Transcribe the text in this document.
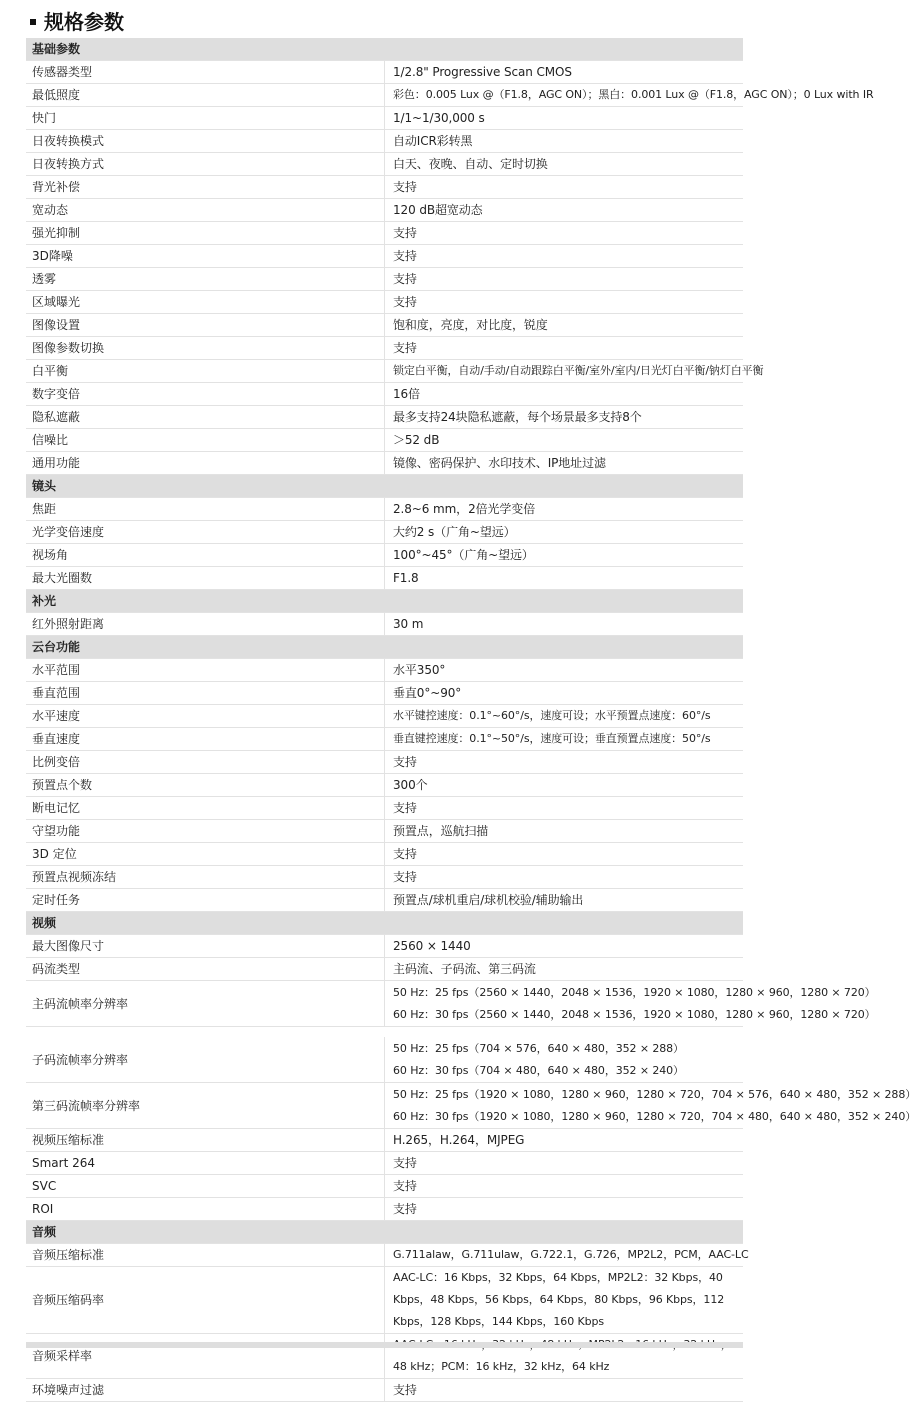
规格参数
基础参数	
传感器类型	1/2.8" Progressive Scan CMOS
最低照度	彩色：0.005 Lux @（F1.8，AGC ON）；黑白：0.001 Lux @（F1.8，AGC ON）；0 Lux with IR
快门	1/1~1/30,000 s
日夜转换模式	自动ICR彩转黑
日夜转换方式	白天、夜晚、自动、定时切换
背光补偿	支持
宽动态	120 dB超宽动态
强光抑制	支持
3D降噪	支持
透雾	支持
区域曝光	支持
图像设置	饱和度，亮度，对比度，锐度
图像参数切换	支持
白平衡	锁定白平衡，自动/手动/自动跟踪白平衡/室外/室内/日光灯白平衡/钠灯白平衡
数字变倍	16倍
隐私遮蔽	最多支持24块隐私遮蔽，每个场景最多支持8个
信噪比	＞52 dB
通用功能	镜像、密码保护、水印技术、IP地址过滤
镜头	
焦距	2.8~6 mm，2倍光学变倍
光学变倍速度	大约2 s（广角~望远）
视场角	100°~45°（广角~望远）
最大光圈数	F1.8
补光	
红外照射距离	30 m
云台功能	
水平范围	水平350°
垂直范围	垂直0°~90°
水平速度	水平键控速度：0.1°~60°/s，速度可设；水平预置点速度：60°/s
垂直速度	垂直键控速度：0.1°~50°/s，速度可设；垂直预置点速度：50°/s
比例变倍	支持
预置点个数	300个
断电记忆	支持
守望功能	预置点，巡航扫描
3D 定位	支持
预置点视频冻结	支持
定时任务	预置点/球机重启/球机校验/辅助输出
视频	
最大图像尺寸	2560 × 1440
码流类型	主码流、子码流、第三码流
主码流帧率分辨率	50 Hz：25 fps（2560 × 1440，2048 × 1536，1920 × 1080，1280 × 960，1280 × 720）
60 Hz：30 fps（2560 × 1440，2048 × 1536，1920 × 1080，1280 × 960，1280 × 720）

子码流帧率分辨率	50 Hz：25 fps（704 × 576，640 × 480，352 × 288）
60 Hz：30 fps（704 × 480，640 × 480，352 × 240）

第三码流帧率分辨率	50 Hz：25 fps（1920 × 1080，1280 × 960，1280 × 720，704 × 576，640 × 480，352 × 288）
60 Hz：30 fps（1920 × 1080，1280 × 960，1280 × 720，704 × 480，640 × 480，352 × 240）

视频压缩标准	H.265，H.264，MJPEG
Smart 264	支持
SVC	支持
ROI	支持
音频	
音频压缩标准	G.711alaw，G.711ulaw，G.722.1，G.726，MP2L2，PCM，AAC-LC
音频压缩码率	AAC-LC：16 Kbps，32 Kbps，64 Kbps，MP2L2：32 Kbps，40 Kbps，48 Kbps，56 Kbps，64 Kbps，80 Kbps，96 Kbps，112 Kbps，128 Kbps，144 Kbps，160 Kbps
音频采样率	48 kHz；PCM：16 kHz，32 kHz，64 kHz
环境噪声过滤	支持
